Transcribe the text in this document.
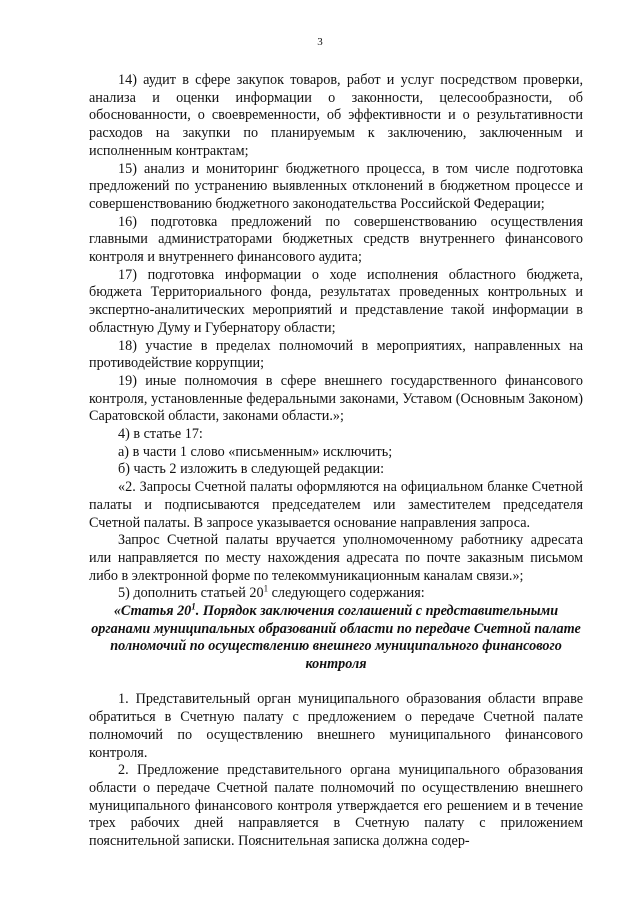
3

14) аудит в сфере закупок товаров, работ и услуг посредством проверки, анализа и оценки информации о законности, целесообразности, об обоснованности, о своевременности, об эффективности и о результативности расходов на закупки по планируемым к заключению, заключенным и исполненным контрактам;

15) анализ и мониторинг бюджетного процесса, в том числе подготовка предложений по устранению выявленных отклонений в бюджетном процессе и совершенствованию бюджетного законодательства Российской Федерации;

16) подготовка предложений по совершенствованию осуществления главными администраторами бюджетных средств внутреннего финансового контроля и внутреннего финансового аудита;

17) подготовка информации о ходе исполнения областного бюджета, бюджета Территориального фонда, результатах проведенных контрольных и экспертно-аналитических мероприятий и представление такой информации в областную Думу и Губернатору области;

18) участие в пределах полномочий в мероприятиях, направленных на противодействие коррупции;

19) иные полномочия в сфере внешнего государственного финансового контроля, установленные федеральными законами, Уставом (Основным Законом) Саратовской области, законами области.»;

4) в статье 17:

а) в части 1 слово «письменным» исключить;

б) часть 2 изложить в следующей редакции:

«2. Запросы Счетной палаты оформляются на официальном бланке Счетной палаты и подписываются председателем или заместителем председателя Счетной палаты. В запросе указывается основание направления запроса.

Запрос Счетной палаты вручается уполномоченному работнику адресата или направляется по месту нахождения адресата по почте заказным письмом либо в электронной форме по телекоммуникационным каналам связи.»;

5) дополнить статьей $20^1$ следующего содержания:

«Статья $20^1$. Порядок заключения соглашений с представительными органами муниципальных образований области по передаче Счетной палате полномочий по осуществлению внешнего муниципального финансового контроля

1. Представительный орган муниципального образования области вправе обратиться в Счетную палату с предложением о передаче Счетной палате полномочий по осуществлению внешнего муниципального финансового контроля.

2. Предложение представительного органа муниципального образования области о передаче Счетной палате полномочий по осуществлению внешнего муниципального финансового контроля утверждается его решением и в течение трех рабочих дней направляется в Счетную палату с приложением пояснительной записки. Пояснительная записка должна содер-
